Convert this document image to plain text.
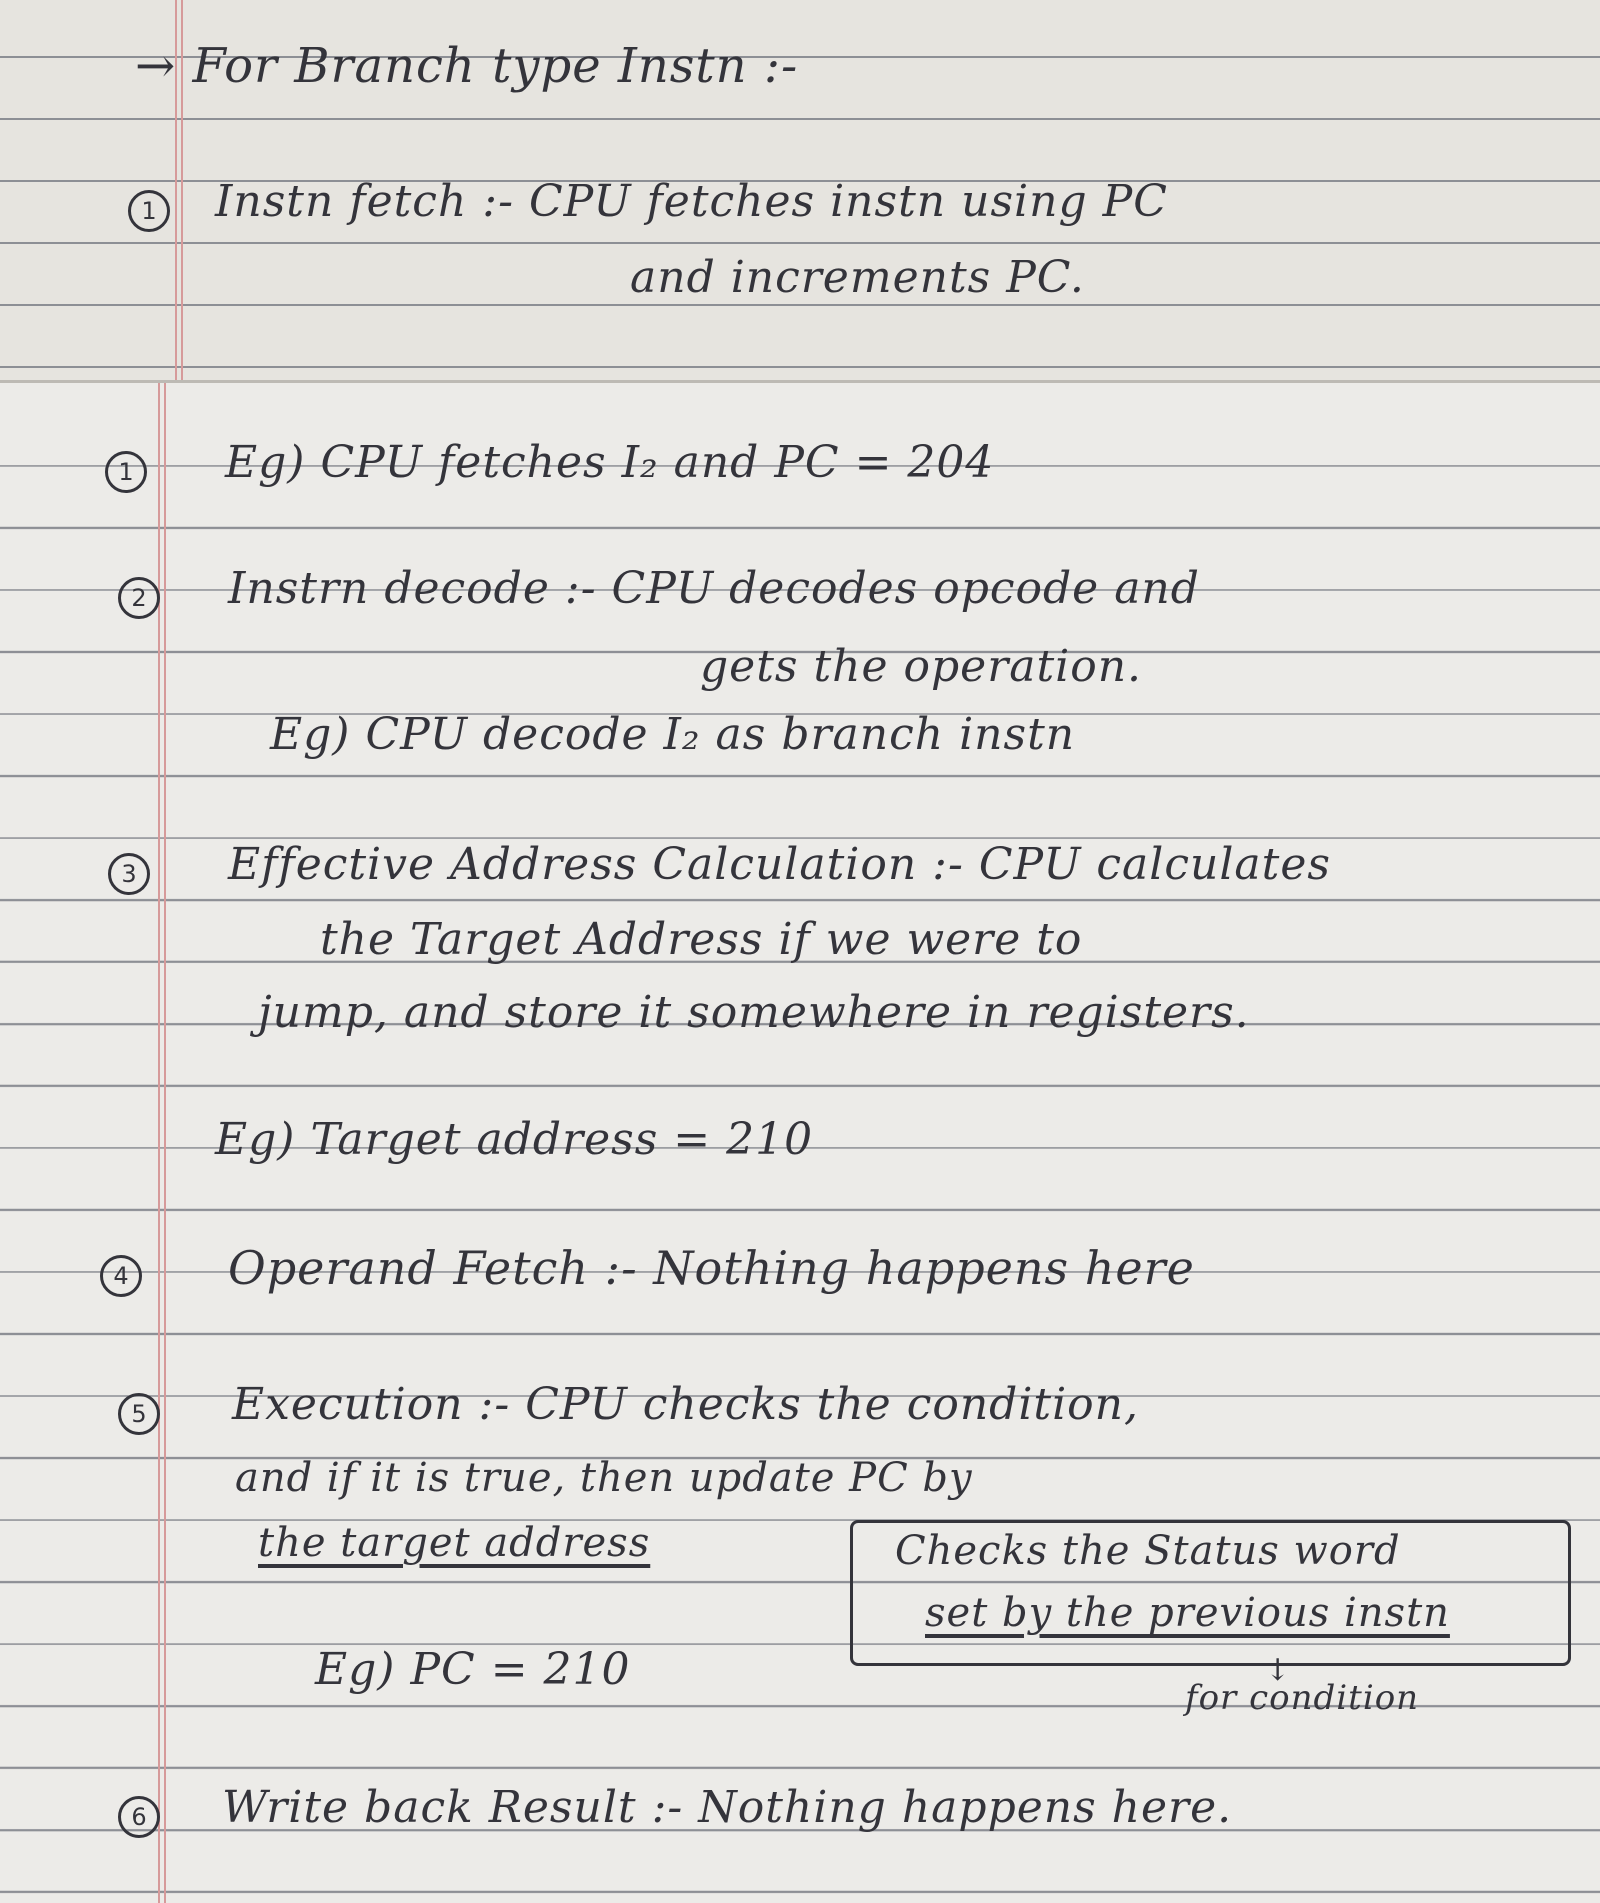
→ For Branch type Instn :-
1	Instn fetch :- CPU fetches instn using PC
and increments PC.
1	Eg) CPU fetches I₂ and PC = 204
2	Instrn decode :- CPU decodes opcode and
gets the operation.
Eg) CPU decode I₂ as branch instn
3	Effective Address Calculation :- CPU calculates
the Target Address if we were to
jump, and store it somewhere in registers.
Eg) Target address = 210
4 Operand Fetch :- Nothing happens here
5	Execution :- CPU checks the condition,
and if it is true, then update PC by
the target address	Checks the Status word
set by the previous instn
↓
for condition
Eg) PC = 210
6	Write back Result :- Nothing happens here.
